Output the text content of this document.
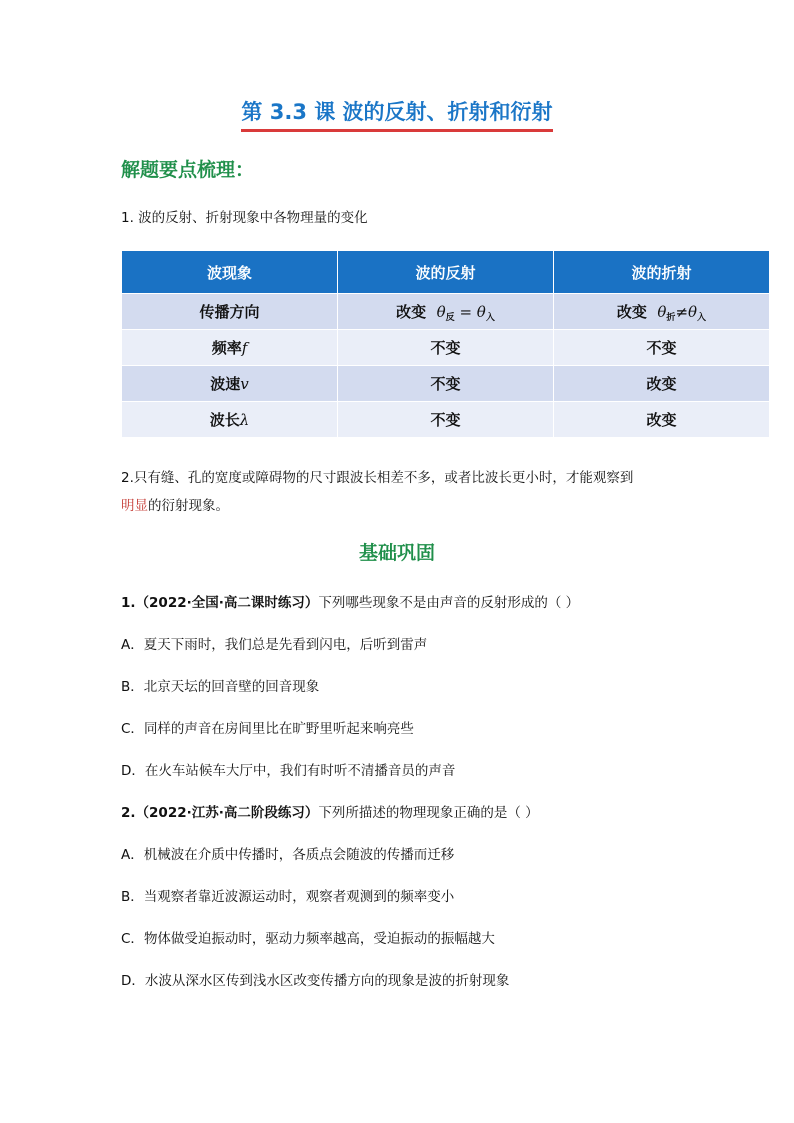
第 3.3 课 波的反射、折射和衍射
解题要点梳理：
1. 波的反射、折射现象中各物理量的变化
波现象	波的反射	波的折射
传播方向	改变 $\theta_反 = \theta_入$	改变 $\theta_折\ne\theta_入$
频率f	不变	不变
波速v	不变	改变
波长λ	不变	改变
2.只有缝、孔的宽度或障碍物的尺寸跟波长相差不多，或者比波长更小时，才能观察到
明显的衍射现象。
基础巩固
1.（2022·全国·高二课时练习）下列哪些现象不是由声音的反射形成的（ ）
A．夏天下雨时，我们总是先看到闪电，后听到雷声
B．北京天坛的回音壁的回音现象
C．同样的声音在房间里比在旷野里听起来响亮些
D．在火车站候车大厅中，我们有时听不清播音员的声音
2.（2022·江苏·高二阶段练习）下列所描述的物理现象正确的是（ ）
A．机械波在介质中传播时，各质点会随波的传播而迁移
B．当观察者靠近波源运动时，观察者观测到的频率变小
C．物体做受迫振动时，驱动力频率越高，受迫振动的振幅越大
D．水波从深水区传到浅水区改变传播方向的现象是波的折射现象
